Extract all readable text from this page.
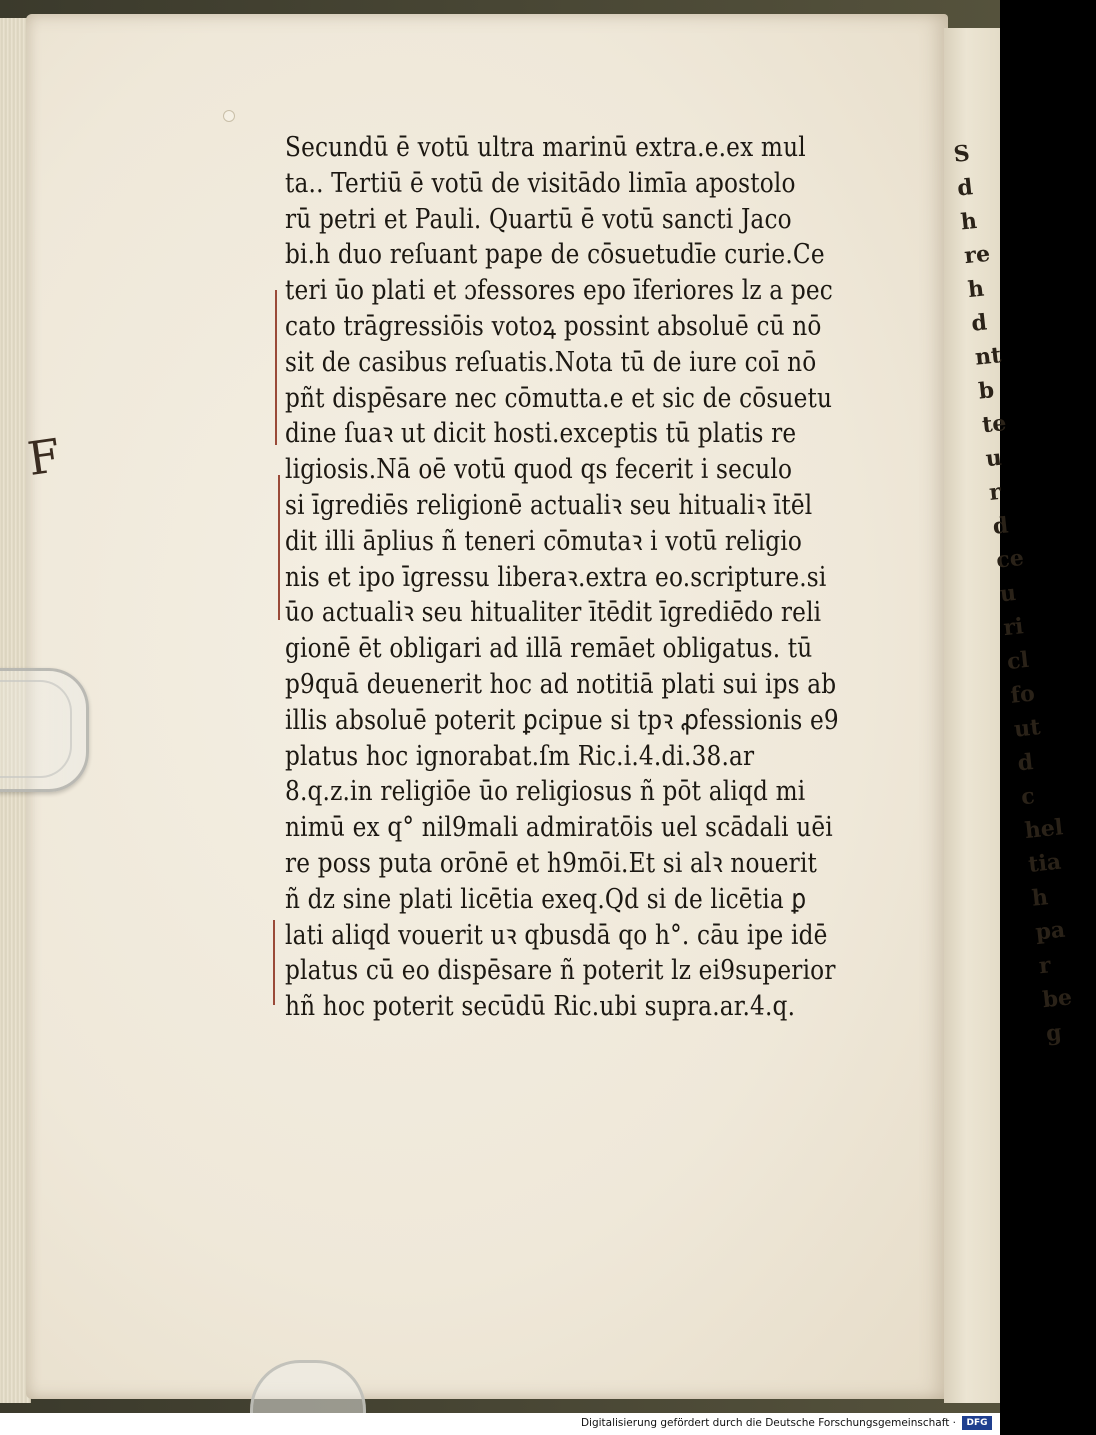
S
d
h
re
h
d
nt
b
te
u
r
d
ce
u
ri
cl
fo
ut
d
c
hel
tia
h
pa
r
be
g
F
Secundū ē votū ultra marinū extra.e.ex mul
ta.. Tertiū ē votū de visitādo limīa apostolo
rū petri et Pauli. Quartū ē votū sancti Jaco
bi.h duo reſuant pape de cōsuetudīe curie.Ce
teri ūo plati et ɔfessores epo īferiores lz a pec
cato trāgressiōis votoꝝ possint absoluē cū nō
sit de casibus reſuatis.Nota tū de iure coī nō
pñt dispēsare nec cōmutta.e et sic de cōsuetu
dine ſuaꝛ ut dicit hosti.exceptis tū platis re
ligiosis.Nā oē votū quod qs fecerit i seculo
si īgrediēs religionē actualiꝛ seu hitualiꝛ ītēl
dit illi āplius ñ teneri cōmutaꝛ i votū religio
nis et ipo īgressu liberaꝛ.extra eo.scripture.si
ūo actualiꝛ seu hitualiter ītēdit īgrediēdo reli
gionē ēt obligari ad illā remāet obligatus. tū
p9quā deuenerit hoc ad notitiā plati sui ips ab
illis absoluē poterit ꝑcipue si tpꝛ ꝓfessionis e9
platus hoc ignorabat.ſm Ric.i.4.di.38.ar
8.q.z.in religiōe ūo religiosus ñ pōt aliqd mi
nimū ex q° nil9mali admiratōis uel scādali uēi
re poss puta orōnē et h9mōi.Et si alꝛ nouerit
ñ dz sine plati licētia exeq.Qd si de licētia ꝑ
lati aliqd vouerit uꝛ qbusdā qo h°. cāu ipe idē
platus cū eo dispēsare ñ poterit lz ei9superior
hñ hoc poterit secūdū Ric.ubi supra.ar.4.q.
Digitalisierung gefördert durch die Deutsche Forschungsgemeinschaft ·	DFG
